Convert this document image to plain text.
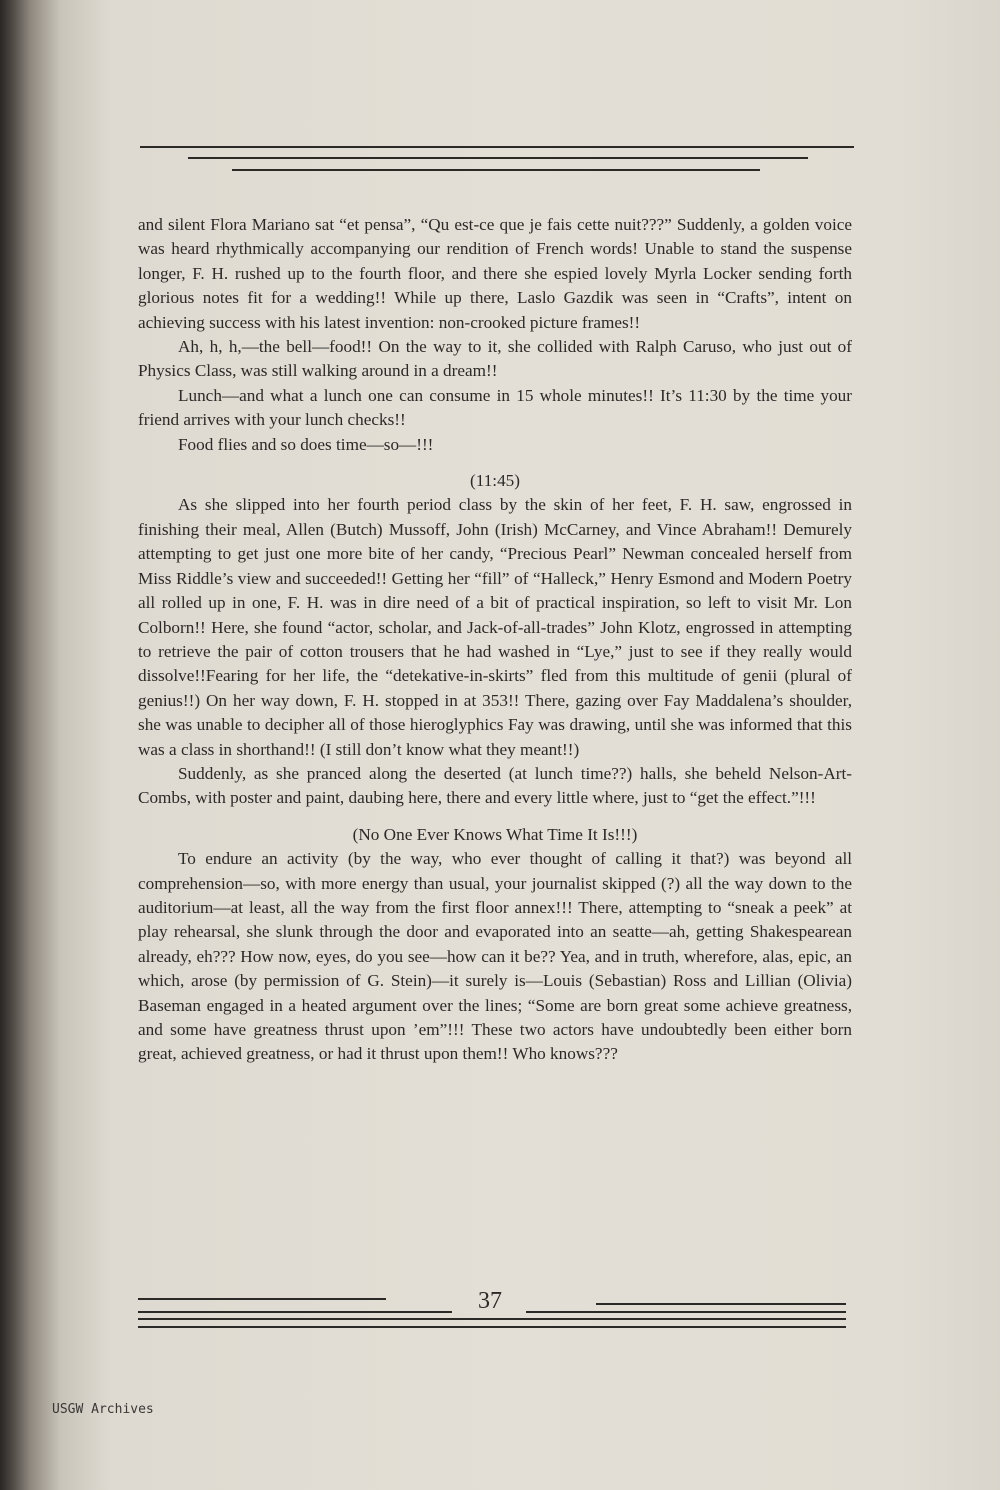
and silent Flora Mariano sat “et pensa”, “Qu est-ce que je fais cette nuit???” Suddenly, a golden voice was heard rhythmically accompanying our rendition of French words! Unable to stand the suspense longer, F. H. rushed up to the fourth floor, and there she espied lovely Myrla Locker sending forth glorious notes fit for a wedding!! While up there, Laslo Gazdik was seen in “Crafts”, intent on achieving success with his latest invention: non-crooked picture frames!!

Ah, h, h,—the bell—food!! On the way to it, she collided with Ralph Caruso, who just out of Physics Class, was still walking around in a dream!!

Lunch—and what a lunch one can consume in 15 whole minutes!! It’s 11:30 by the time your friend arrives with your lunch checks!!

Food flies and so does time—so—!!!

(11:45)

As she slipped into her fourth period class by the skin of her feet, F. H. saw, engrossed in finishing their meal, Allen (Butch) Mussoff, John (Irish) McCarney, and Vince Abraham!! Demurely attempting to get just one more bite of her candy, “Precious Pearl” Newman concealed herself from Miss Riddle’s view and succeeded!! Getting her “fill” of “Halleck,” Henry Esmond and Modern Poetry all rolled up in one, F. H. was in dire need of a bit of practical inspiration, so left to visit Mr. Lon Colborn!! Here, she found “actor, scholar, and Jack-of-all-trades” John Klotz, engrossed in attempting to retrieve the pair of cotton trousers that he had washed in “Lye,” just to see if they really would dissolve!!Fearing for her life, the “detekative-in-skirts” fled from this multitude of genii (plural of genius!!) On her way down, F. H. stopped in at 353!! There, gazing over Fay Maddalena’s shoulder, she was unable to decipher all of those hieroglyphics Fay was drawing, until she was informed that this was a class in shorthand!! (I still don’t know what they meant!!)

Suddenly, as she pranced along the deserted (at lunch time??) halls, she beheld Nelson-Art-Combs, with poster and paint, daubing here, there and every little where, just to “get the effect.”!!!

(No One Ever Knows What Time It Is!!!)

To endure an activity (by the way, who ever thought of calling it that?) was beyond all comprehension—so, with more energy than usual, your journalist skipped (?) all the way down to the auditorium—at least, all the way from the first floor annex!!! There, attempting to “sneak a peek” at play rehearsal, she slunk through the door and evaporated into an seatte—ah, getting Shakespearean already, eh??? How now, eyes, do you see—how can it be?? Yea, and in truth, wherefore, alas, epic, an which, arose (by permission of G. Stein)—it surely is—Louis (Sebastian) Ross and Lillian (Olivia) Baseman engaged in a heated argument over the lines; “Some are born great some achieve greatness, and some have greatness thrust upon ’em”!!! These two actors have undoubtedly been either born great, achieved greatness, or had it thrust upon them!! Who knows???

37
USGW Archives
